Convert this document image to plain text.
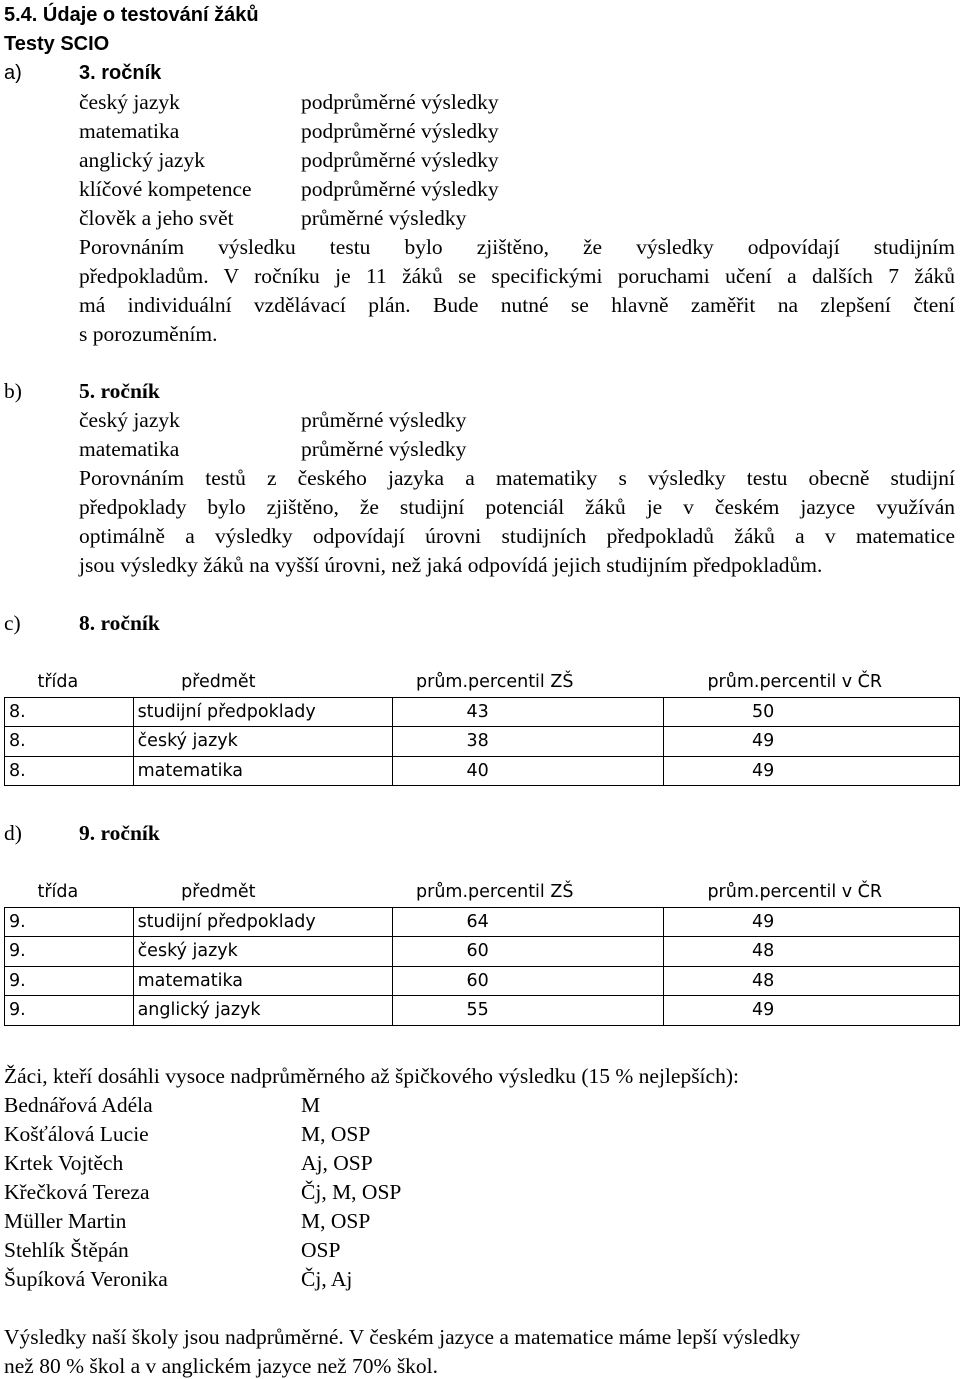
5.4. Údaje o testování žáků
Testy SCIO
a)	3. ročník
český jazyk	podprůměrné výsledky
matematika	podprůměrné výsledky
anglický jazyk	podprůměrné výsledky
klíčové kompetence podprůměrné výsledky
člověk a jeho svět	průměrné výsledky
Porovnáním výsledku testu bylo zjištěno, že výsledky odpovídají studijním
předpokladům. V ročníku je 11 žáků se specifickými poruchami učení a dalších 7 žáků
má individuální vzdělávací plán. Bude nutné se hlavně zaměřit na zlepšení čtení
s porozuměním.
b)	5. ročník
český jazyk	průměrné výsledky
matematika	průměrné výsledky
Porovnáním testů z českého jazyka a matematiky s výsledky testu obecně studijní
předpoklady bylo zjištěno, že studijní potenciál žáků je v českém jazyce využíván
optimálně a výsledky odpovídají úrovni studijních předpokladů žáků a v matematice
jsou výsledky žáků na vyšší úrovni, než jaká odpovídá jejich studijním předpokladům.
c)	8. ročník
třída	předmět	prům.percentil ZŠ	prům.percentil v ČR
8.	studijní předpoklady	43	50
8.	český jazyk	38	49
8.	matematika	40	49
d)	9. ročník
třída	předmět	prům.percentil ZŠ	prům.percentil v ČR
9.	studijní předpoklady	64	49
9.	český jazyk	60	48
9.	matematika	60	48
9.	anglický jazyk	55	49
Žáci, kteří dosáhli vysoce nadprůměrného až špičkového výsledku (15 % nejlepších):
Bednářová Adéla	M
Košťálová Lucie	M, OSP
Krtek Vojtěch	Aj, OSP
Křečková Tereza	Čj, M, OSP
Müller Martin	M, OSP
Stehlík Štěpán	OSP
Šupíková Veronika	Čj, Aj
Výsledky naší školy jsou nadprůměrné. V českém jazyce a matematice máme lepší výsledky
než 80 % škol a v anglickém jazyce než 70% škol.
